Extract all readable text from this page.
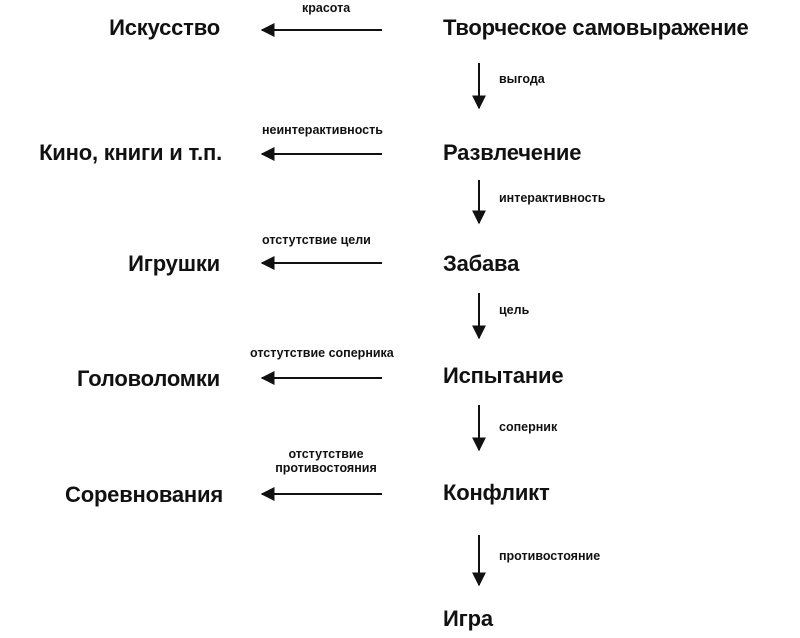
Творческое самовыражение
Развлечение
Забава
Испытание
Конфликт
Игра
выгода
интерактивность
цель
соперник
противостояние
Искусство
Кино, книги и т.п.
Игрушки
Головоломки
Соревнования
красота
неинтерактивность
отстутствие цели
отстутствие соперника
отстутствие
противостояния
